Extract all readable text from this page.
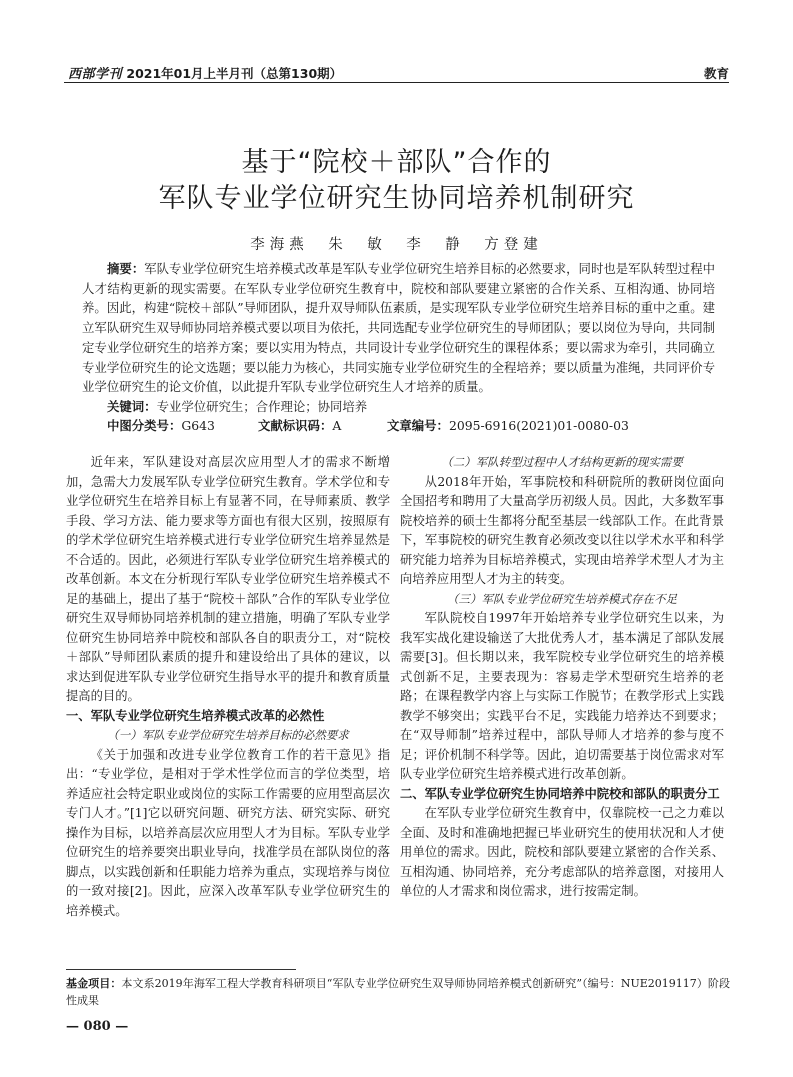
西部学刊 2021年01月上半月刊（总第130期）	教育
基于“院校＋部队”合作的
军队专业学位研究生协同培养机制研究
李海燕　朱　敏　李　静　方登建
摘要：军队专业学位研究生培养模式改革是军队专业学位研究生培养目标的必然要求，同时也是军队转型过程中人才结构更新的现实需要。在军队专业学位研究生教育中，院校和部队要建立紧密的合作关系、互相沟通、协同培养。因此，构建“院校＋部队”导师团队，提升双导师队伍素质，是实现军队专业学位研究生培养目标的重中之重。建立军队研究生双导师协同培养模式要以项目为依托，共同选配专业学位研究生的导师团队；要以岗位为导向，共同制定专业学位研究生的培养方案；要以实用为特点，共同设计专业学位研究生的课程体系；要以需求为牵引，共同确立专业学位研究生的论文选题；要以能力为核心，共同实施专业学位研究生的全程培养；要以质量为准绳，共同评价专业学位研究生的论文价值，以此提升军队专业学位研究生人才培养的质量。
关键词：专业学位研究生；合作理论；协同培养
中图分类号：G643	文献标识码：A	文章编号：2095-6916(2021)01-0080-03

近年来，军队建设对高层次应用型人才的需求不断增加，急需大力发展军队专业学位研究生教育。学术学位和专业学位研究生在培养目标上有显著不同，在导师素质、教学手段、学习方法、能力要求等方面也有很大区别，按照原有的学术学位研究生培养模式进行专业学位研究生培养显然是不合适的。因此，必须进行军队专业学位研究生培养模式的改革创新。本文在分析现行军队专业学位研究生培养模式不足的基础上，提出了基于“院校＋部队”合作的军队专业学位研究生双导师协同培养机制的建立措施，明确了军队专业学位研究生协同培养中院校和部队各自的职责分工，对“院校＋部队”导师团队素质的提升和建设给出了具体的建议，以求达到促进军队专业学位研究生指导水平的提升和教育质量提高的目的。

一、军队专业学位研究生培养模式改革的必然性
（一）军队专业学位研究生培养目标的必然要求

《关于加强和改进专业学位教育工作的若干意见》指出：“专业学位，是相对于学术性学位而言的学位类型，培养适应社会特定职业或岗位的实际工作需要的应用型高层次专门人才。”[1]它以研究问题、研究方法、研究实际、研究操作为目标，以培养高层次应用型人才为目标。军队专业学位研究生的培养要突出职业导向，找准学员在部队岗位的落脚点，以实践创新和任职能力培养为重点，实现培养与岗位的一致对接[2]。因此，应深入改革军队专业学位研究生的培养模式。

（二）军队转型过程中人才结构更新的现实需要

从2018年开始，军事院校和科研院所的教研岗位面向全国招考和聘用了大量高学历初级人员。因此，大多数军事院校培养的硕士生都将分配至基层一线部队工作。在此背景下，军事院校的研究生教育必须改变以往以学术水平和科学研究能力培养为目标培养模式，实现由培养学术型人才为主向培养应用型人才为主的转变。

（三）军队专业学位研究生培养模式存在不足

军队院校自1997年开始培养专业学位研究生以来，为我军实战化建设输送了大批优秀人才，基本满足了部队发展需要[3]。但长期以来，我军院校专业学位研究生的培养模式创新不足，主要表现为：容易走学术型研究生培养的老路；在课程教学内容上与实际工作脱节；在教学形式上实践教学不够突出；实践平台不足，实践能力培养达不到要求；在“双导师制”培养过程中，部队导师人才培养的参与度不足；评价机制不科学等。因此，迫切需要基于岗位需求对军队专业学位研究生培养模式进行改革创新。

二、军队专业学位研究生协同培养中院校和部队的职责分工

在军队专业学位研究生教育中，仅靠院校一己之力难以全面、及时和准确地把握已毕业研究生的使用状况和人才使用单位的需求。因此，院校和部队要建立紧密的合作关系、互相沟通、协同培养，充分考虑部队的培养意图，对接用人单位的人才需求和岗位需求，进行按需定制。

基金项目：本文系2019年海军工程大学教育科研项目“军队专业学位研究生双导师协同培养模式创新研究”（编号：NUE2019117）阶段性成果
— 080 —
